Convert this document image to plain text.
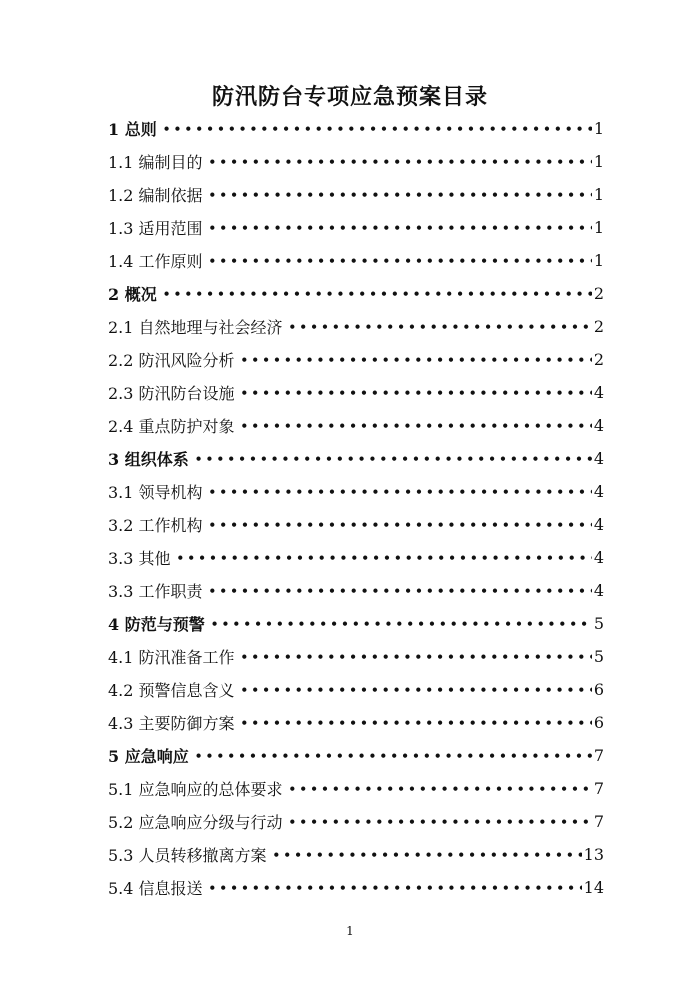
防汛防台专项应急预案目录
1 总则 •••••	1
1.1 编制目的 •••••	1
1.2 编制依据 •••••	1
1.3 适用范围 •••••	1
1.4 工作原则 •••••	1
2 概况 •••••	2
2.1 自然地理与社会经济 •••••	2
2.2 防汛风险分析 •••••	2
2.3 防汛防台设施 •••••	4
2.4 重点防护对象 •••••	4
3 组织体系 •••••	4
3.1 领导机构 •••••	4
3.2 工作机构 •••••	4
3.3 其他 •••••	4
3.3 工作职责 •••••	4
4 防范与预警 •••••	5
4.1 防汛准备工作 •••••	5
4.2 预警信息含义 •••••	6
4.3 主要防御方案 •••••	6
5 应急响应 •••••	7
5.1 应急响应的总体要求 •••••	7
5.2 应急响应分级与行动 •••••	7
5.3 人员转移撤离方案 •••••	13
5.4 信息报送 •••••	14
1
